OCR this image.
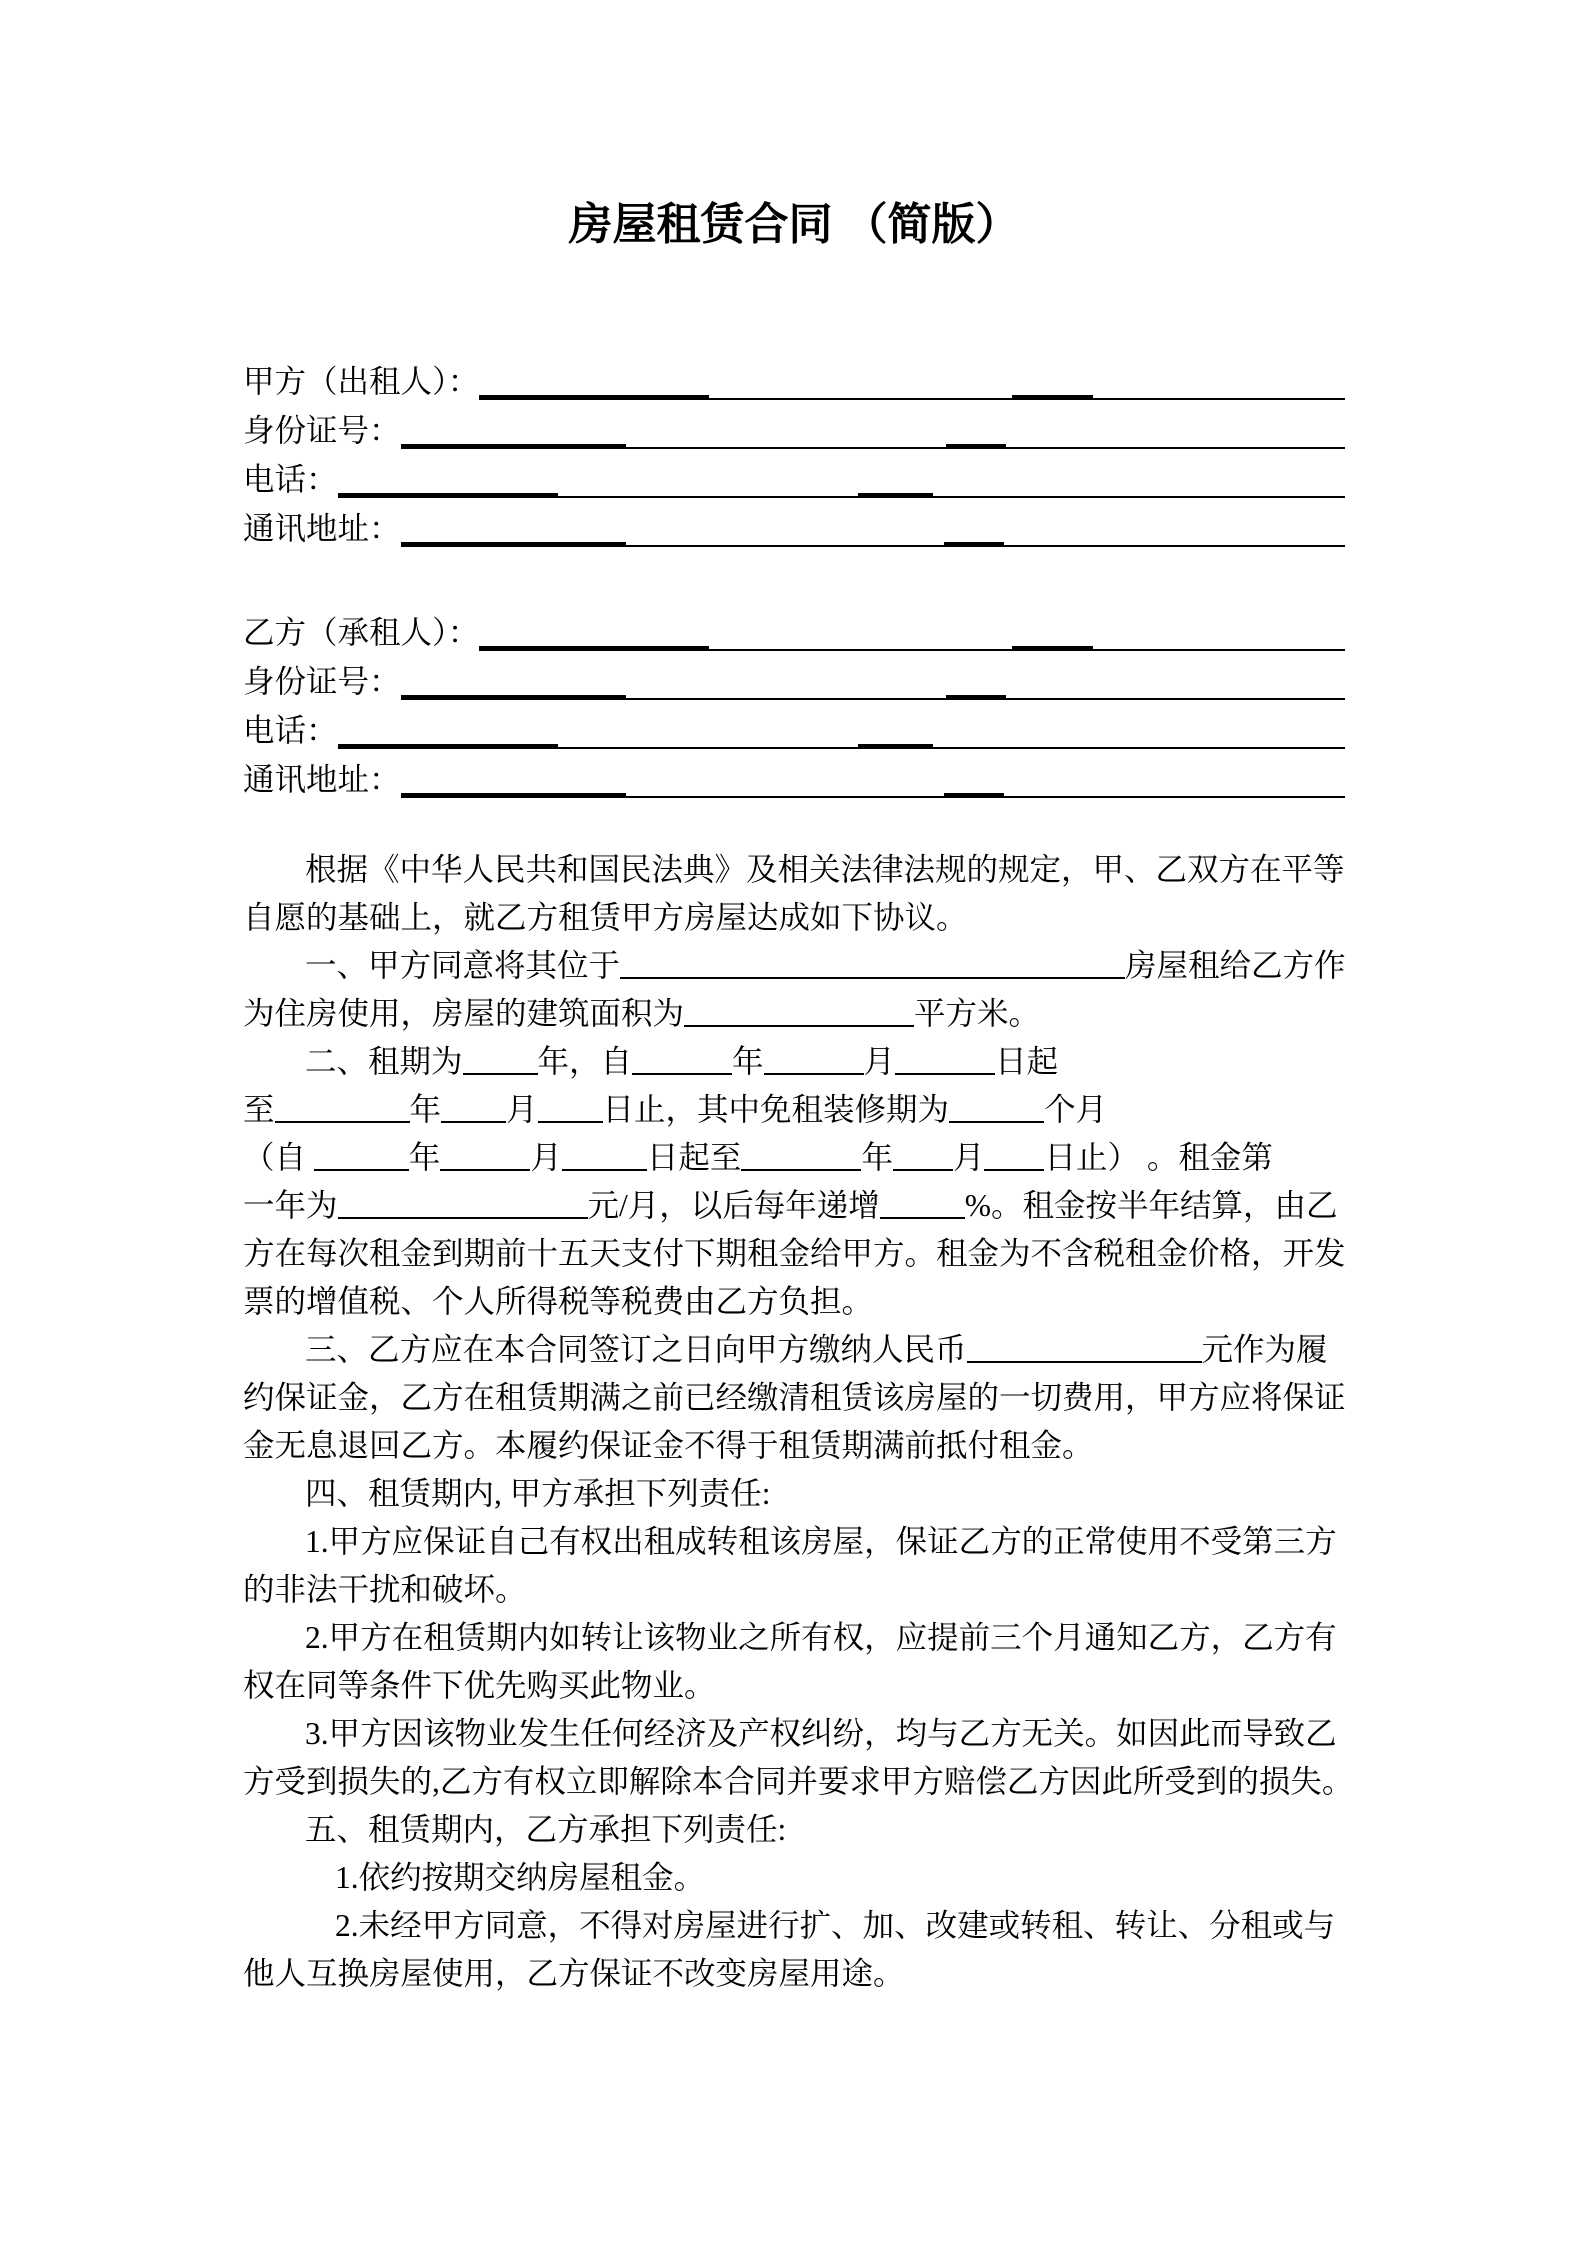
房屋租赁合同 （简版）
甲方（出租人）：
身份证号：
电话：
通讯地址：
乙方（承租人）：
身份证号：
电话：
通讯地址：
根据《中华人民共和国民法典》及相关法律法规的规定，甲、乙双方在平等
自愿的基础上，就乙方租赁甲方房屋达成如下协议。
一、甲方同意将其位于	房屋租给乙方作
为住房使用，房屋的建筑面积为	平方米。
二、租期为 年，自	年	月	日起
至	年 月 日止，其中免租装修期为	个月
（自	年	月	日起至	年 月 日止） 。租金第
一年为	元/月，以后每年递增	%。租金按半年结算，由乙
方在每次租金到期前十五天支付下期租金给甲方。租金为不含税租金价格，开发
票的增值税、个人所得税等税费由乙方负担。
三、乙方应在本合同签订之日向甲方缴纳人民币	元作为履
约保证金，乙方在租赁期满之前已经缴清租赁该房屋的一切费用，甲方应将保证
金无息退回乙方。本履约保证金不得于租赁期满前抵付租金。
四、租赁期内, 甲方承担下列责任:
1.甲方应保证自己有权出租成转租该房屋，保证乙方的正常使用不受第三方
的非法干扰和破坏。
2.甲方在租赁期内如转让该物业之所有权，应提前三个月通知乙方，乙方有
权在同等条件下优先购买此物业。
3.甲方因该物业发生任何经济及产权纠纷，均与乙方无关。如因此而导致乙
方受到损失的,乙方有权立即解除本合同并要求甲方赔偿乙方因此所受到的损失。
五、租赁期内，乙方承担下列责任:
1.依约按期交纳房屋租金。
2.未经甲方同意，不得对房屋进行扩、加、改建或转租、转让、分租或与
他人互换房屋使用，乙方保证不改变房屋用途。
